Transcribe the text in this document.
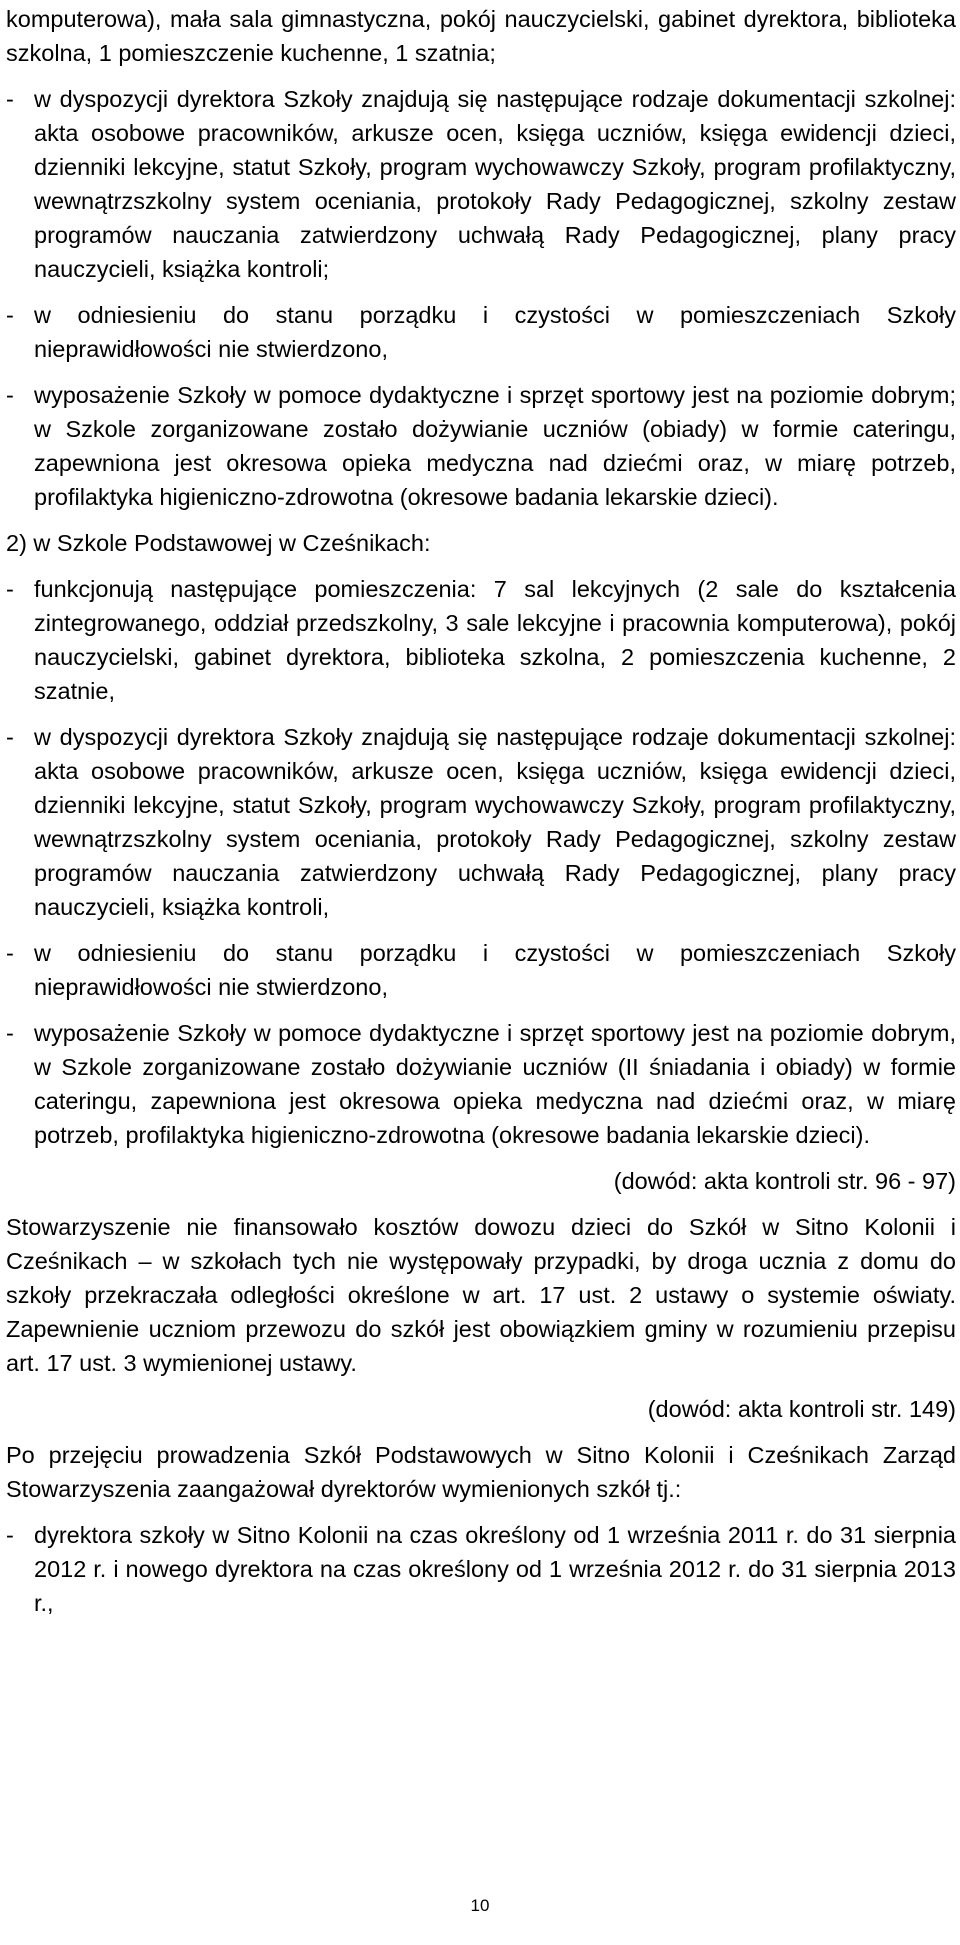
komputerowa), mała sala gimnastyczna, pokój nauczycielski, gabinet dyrektora, biblioteka szkolna, 1 pomieszczenie kuchenne, 1 szatnia;

- w dyspozycji dyrektora Szkoły znajdują się następujące rodzaje dokumentacji szkolnej: akta osobowe pracowników, arkusze ocen, księga uczniów, księga ewidencji dzieci, dzienniki lekcyjne, statut Szkoły, program wychowawczy Szkoły, program profilaktyczny, wewnątrzszkolny system oceniania, protokoły Rady Pedagogicznej, szkolny zestaw programów nauczania zatwierdzony uchwałą Rady Pedagogicznej, plany pracy nauczycieli, książka kontroli;
- w odniesieniu do stanu porządku i czystości w pomieszczeniach Szkoły nieprawidłowości nie stwierdzono,
- wyposażenie Szkoły w pomoce dydaktyczne i sprzęt sportowy jest na poziomie dobrym; w Szkole zorganizowane zostało dożywianie uczniów (obiady) w formie cateringu, zapewniona jest okresowa opieka medyczna nad dziećmi oraz, w miarę potrzeb, profilaktyka higieniczno-zdrowotna (okresowe badania lekarskie dzieci).

2) w Szkole Podstawowej w Cześnikach:

- funkcjonują następujące pomieszczenia: 7 sal lekcyjnych (2 sale do kształcenia zintegrowanego, oddział przedszkolny, 3 sale lekcyjne i pracownia komputerowa), pokój nauczycielski, gabinet dyrektora, biblioteka szkolna, 2 pomieszczenia kuchenne, 2 szatnie,
- w dyspozycji dyrektora Szkoły znajdują się następujące rodzaje dokumentacji szkolnej: akta osobowe pracowników, arkusze ocen, księga uczniów, księga ewidencji dzieci, dzienniki lekcyjne, statut Szkoły, program wychowawczy Szkoły, program profilaktyczny, wewnątrzszkolny system oceniania, protokoły Rady Pedagogicznej, szkolny zestaw programów nauczania zatwierdzony uchwałą Rady Pedagogicznej, plany pracy nauczycieli, książka kontroli,
- w odniesieniu do stanu porządku i czystości w pomieszczeniach Szkoły nieprawidłowości nie stwierdzono,
- wyposażenie Szkoły w pomoce dydaktyczne i sprzęt sportowy jest na poziomie dobrym, w Szkole zorganizowane zostało dożywianie uczniów (II śniadania i obiady) w formie cateringu, zapewniona jest okresowa opieka medyczna nad dziećmi oraz, w miarę potrzeb, profilaktyka higieniczno-zdrowotna (okresowe badania lekarskie dzieci).

(dowód: akta kontroli str. 96 - 97)

Stowarzyszenie nie finansowało kosztów dowozu dzieci do Szkół w Sitno Kolonii i Cześnikach – w szkołach tych nie występowały przypadki, by droga ucznia z domu do szkoły przekraczała odległości określone w art. 17 ust. 2 ustawy o systemie oświaty. Zapewnienie uczniom przewozu do szkół jest obowiązkiem gminy w rozumieniu przepisu art. 17 ust. 3 wymienionej ustawy.

(dowód: akta kontroli str. 149)

Po przejęciu prowadzenia Szkół Podstawowych w Sitno Kolonii i Cześnikach Zarząd Stowarzyszenia zaangażował dyrektorów wymienionych szkół tj.:

- dyrektora szkoły w Sitno Kolonii na czas określony od 1 września 2011 r. do 31 sierpnia 2012 r. i nowego dyrektora na czas określony od 1 września 2012 r. do 31 sierpnia 2013 r.,
10
